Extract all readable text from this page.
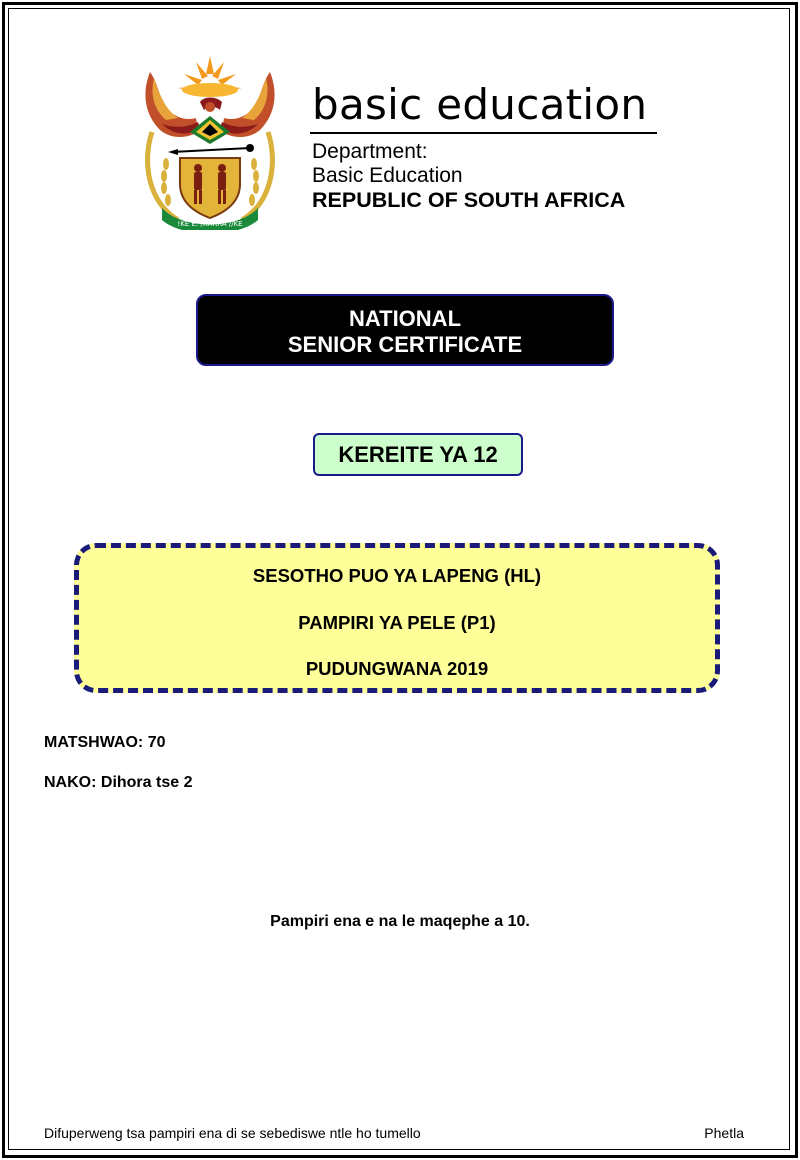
!KE E: /XARRA //KE
basic education
Department:
Basic Education
REPUBLIC OF SOUTH AFRICA
NATIONAL
SENIOR CERTIFICATE
KEREITE YA 12
SESOTHO PUO YA LAPENG (HL)
PAMPIRI YA PELE (P1)
PUDUNGWANA 2019
MATSHWAO: 70
NAKO: Dihora tse 2
Pampiri ena e na le maqephe a 10.
Difuperweng tsa pampiri ena di se sebediswe ntle ho tumello	Phetla
